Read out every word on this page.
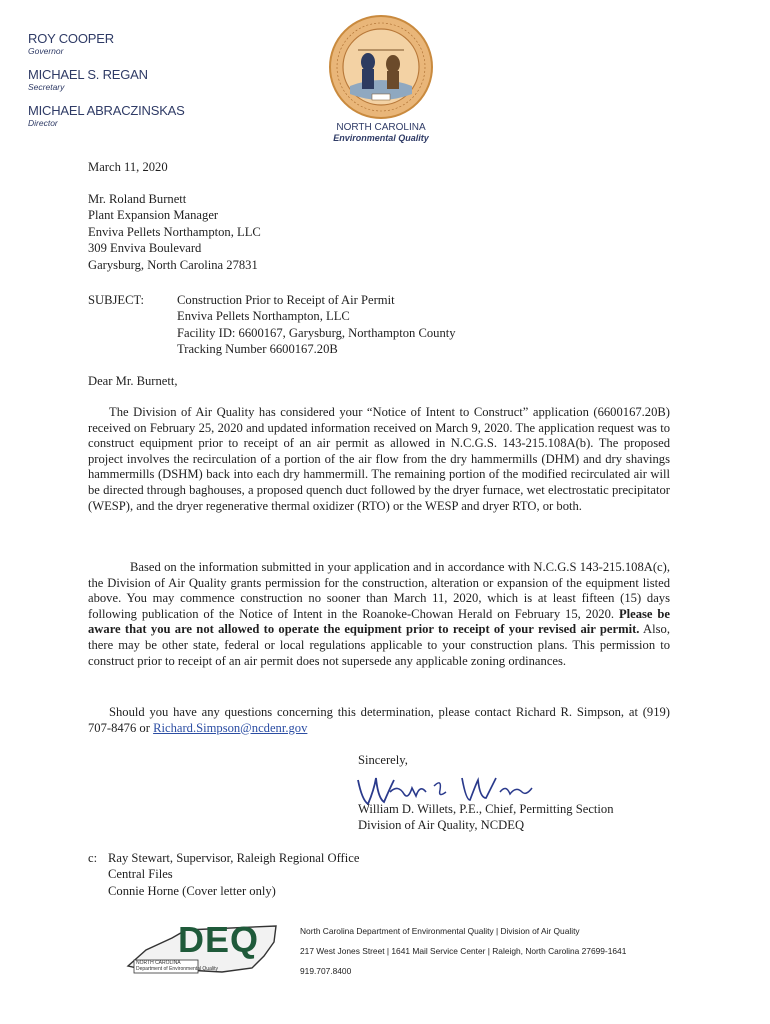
ROY COOPER
Governor
MICHAEL S. REGAN
Secretary
MICHAEL ABRACZINSKAS
Director	NORTH CAROLINA
Environmental Quality
March 11, 2020
Mr. Roland Burnett
Plant Expansion Manager
Enviva Pellets Northampton, LLC
309 Enviva Boulevard
Garysburg, North Carolina 27831
SUBJECT:	Construction Prior to Receipt of Air Permit
Enviva Pellets Northampton, LLC
Facility ID: 6600167, Garysburg, Northampton County
Tracking Number 6600167.20B
Dear Mr. Burnett,
The Division of Air Quality has considered your “Notice of Intent to Construct” application (6600167.20B) received on February 25, 2020 and updated information received on March 9, 2020. The application request was to construct equipment prior to receipt of an air permit as allowed in N.C.G.S. 143-215.108A(b). The proposed project involves the recirculation of a portion of the air flow from the dry hammermills (DHM) and dry shavings hammermills (DSHM) back into each dry hammermill. The remaining portion of the modified recirculated air will be directed through baghouses, a proposed quench duct followed by the dryer furnace, wet electrostatic precipitator (WESP), and the dryer regenerative thermal oxidizer (RTO) or the WESP and dryer RTO, or both.
Based on the information submitted in your application and in accordance with N.C.G.S 143-215.108A(c), the Division of Air Quality grants permission for the construction, alteration or expansion of the equipment listed above. You may commence construction no sooner than March 11, 2020, which is at least fifteen (15) days following publication of the Notice of Intent in the Roanoke-Chowan Herald on February 15, 2020. Please be aware that you are not allowed to operate the equipment prior to receipt of your revised air permit. Also, there may be other state, federal or local regulations applicable to your construction plans. This permission to construct prior to receipt of an air permit does not supersede any applicable zoning ordinances.
Should you have any questions concerning this determination, please contact Richard R. Simpson, at (919) 707-8476 or Richard.Simpson@ncdenr.gov
Sincerely,
William D. Willets, P.E., Chief, Permitting Section
Division of Air Quality, NCDEQ
c: Ray Stewart, Supervisor, Raleigh Regional Office
Central Files
Connie Horne (Cover letter only)
DEQ
NORTH CAROLINA
Department of Environmental Quality
North Carolina Department of Environmental Quality | Division of Air Quality
217 West Jones Street | 1641 Mail Service Center | Raleigh, North Carolina 27699-1641
919.707.8400
